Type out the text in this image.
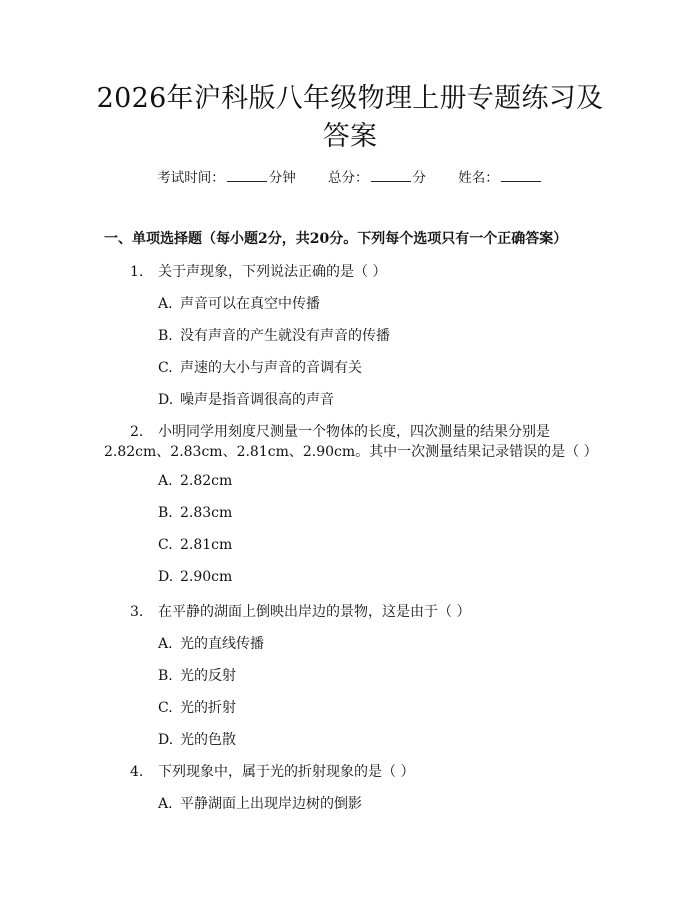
2026年沪科版八年级物理上册专题练习及答案
考试时间：	分钟 总分：	分 姓名：
一、单项选择题（每小题2分，共20分。下列每个选项只有一个正确答案）
1. 关于声现象，下列说法正确的是（ ）
A. 声音可以在真空中传播
B. 没有声音的产生就没有声音的传播
C. 声速的大小与声音的音调有关
D. 噪声是指音调很高的声音
2. 小明同学用刻度尺测量一个物体的长度，四次测量的结果分别是
2.82cm、2.83cm、2.81cm、2.90cm。其中一次测量结果记录错误的是（ ）
A. 2.82cm
B. 2.83cm
C. 2.81cm
D. 2.90cm
3. 在平静的湖面上倒映出岸边的景物，这是由于（ ）
A. 光的直线传播
B. 光的反射
C. 光的折射
D. 光的色散
4. 下列现象中，属于光的折射现象的是（ ）
A. 平静湖面上出现岸边树的倒影
